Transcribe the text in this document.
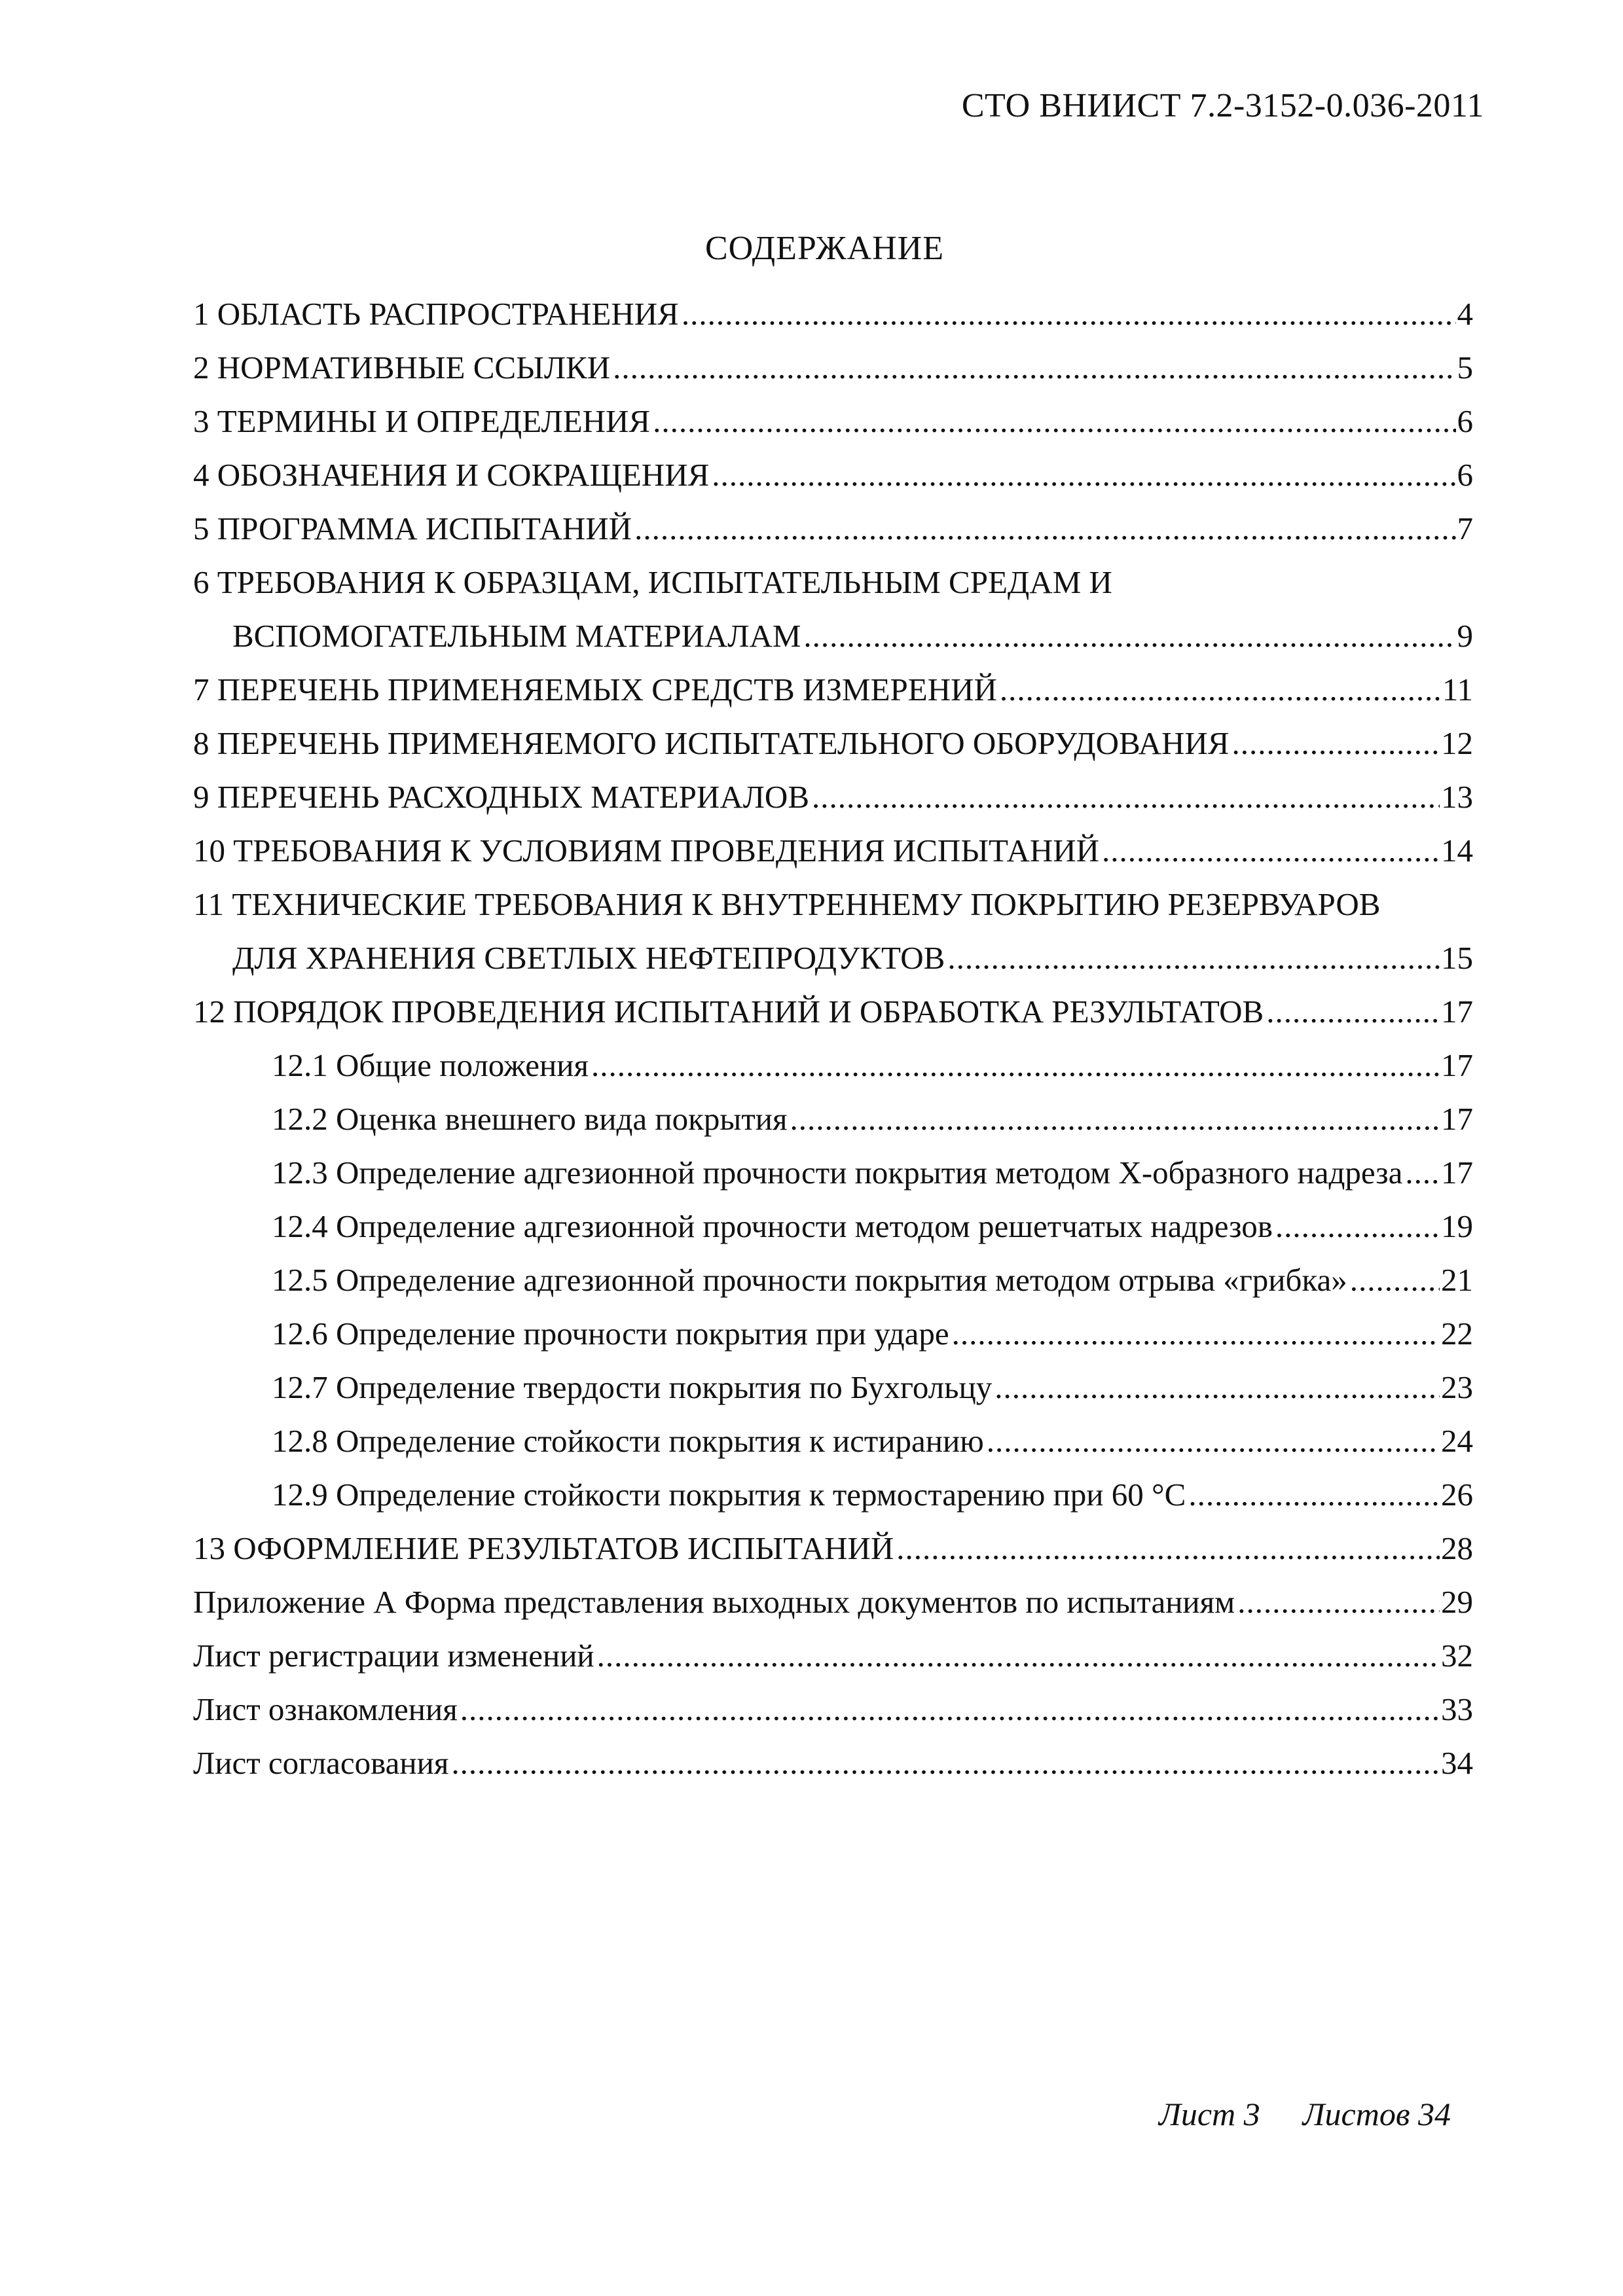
СТО ВНИИСТ 7.2-3152-0.036-2011
СОДЕРЖАНИЕ
1 ОБЛАСТЬ РАСПРОСТРАНЕНИЯ .....	4
2 НОРМАТИВНЫЕ ССЫЛКИ .....	5
3 ТЕРМИНЫ И ОПРЕДЕЛЕНИЯ .....	6
4 ОБОЗНАЧЕНИЯ И СОКРАЩЕНИЯ .....	6
5 ПРОГРАММА ИСПЫТАНИЙ .....	7
6 ТРЕБОВАНИЯ К ОБРАЗЦАМ, ИСПЫТАТЕЛЬНЫМ СРЕДАМ И
ВСПОМОГАТЕЛЬНЫМ МАТЕРИАЛАМ .....	9
7 ПЕРЕЧЕНЬ ПРИМЕНЯЕМЫХ СРЕДСТВ ИЗМЕРЕНИЙ .....	11
8 ПЕРЕЧЕНЬ ПРИМЕНЯЕМОГО ИСПЫТАТЕЛЬНОГО ОБОРУДОВАНИЯ .....	12
9 ПЕРЕЧЕНЬ РАСХОДНЫХ МАТЕРИАЛОВ .....	13
10 ТРЕБОВАНИЯ К УСЛОВИЯМ ПРОВЕДЕНИЯ ИСПЫТАНИЙ .....	14
11 ТЕХНИЧЕСКИЕ ТРЕБОВАНИЯ К ВНУТРЕННЕМУ ПОКРЫТИЮ РЕЗЕРВУАРОВ
ДЛЯ ХРАНЕНИЯ СВЕТЛЫХ НЕФТЕПРОДУКТОВ .....	15
12 ПОРЯДОК ПРОВЕДЕНИЯ ИСПЫТАНИЙ И ОБРАБОТКА РЕЗУЛЬТАТОВ .....	17
12.1 Общие положения .....	17
12.2 Оценка внешнего вида покрытия .....	17
12.3 Определение адгезионной прочности покрытия методом Х-образного надреза ..... 17
12.4 Определение адгезионной прочности методом решетчатых надрезов .....	19
12.5 Определение адгезионной прочности покрытия методом отрыва «грибка» .....	21
12.6 Определение прочности покрытия при ударе .....	22
12.7 Определение твердости покрытия по Бухгольцу .....	23
12.8 Определение стойкости покрытия к истиранию .....	24
12.9 Определение стойкости покрытия к термостарению при 60 °С .....	26
13 ОФОРМЛЕНИЕ РЕЗУЛЬТАТОВ ИСПЫТАНИЙ .....	28
Приложение А Форма представления выходных документов по испытаниям .....	29
Лист регистрации изменений .....	32
Лист ознакомления .....	33
Лист согласования .....	34
Лист 3 Листов 34
